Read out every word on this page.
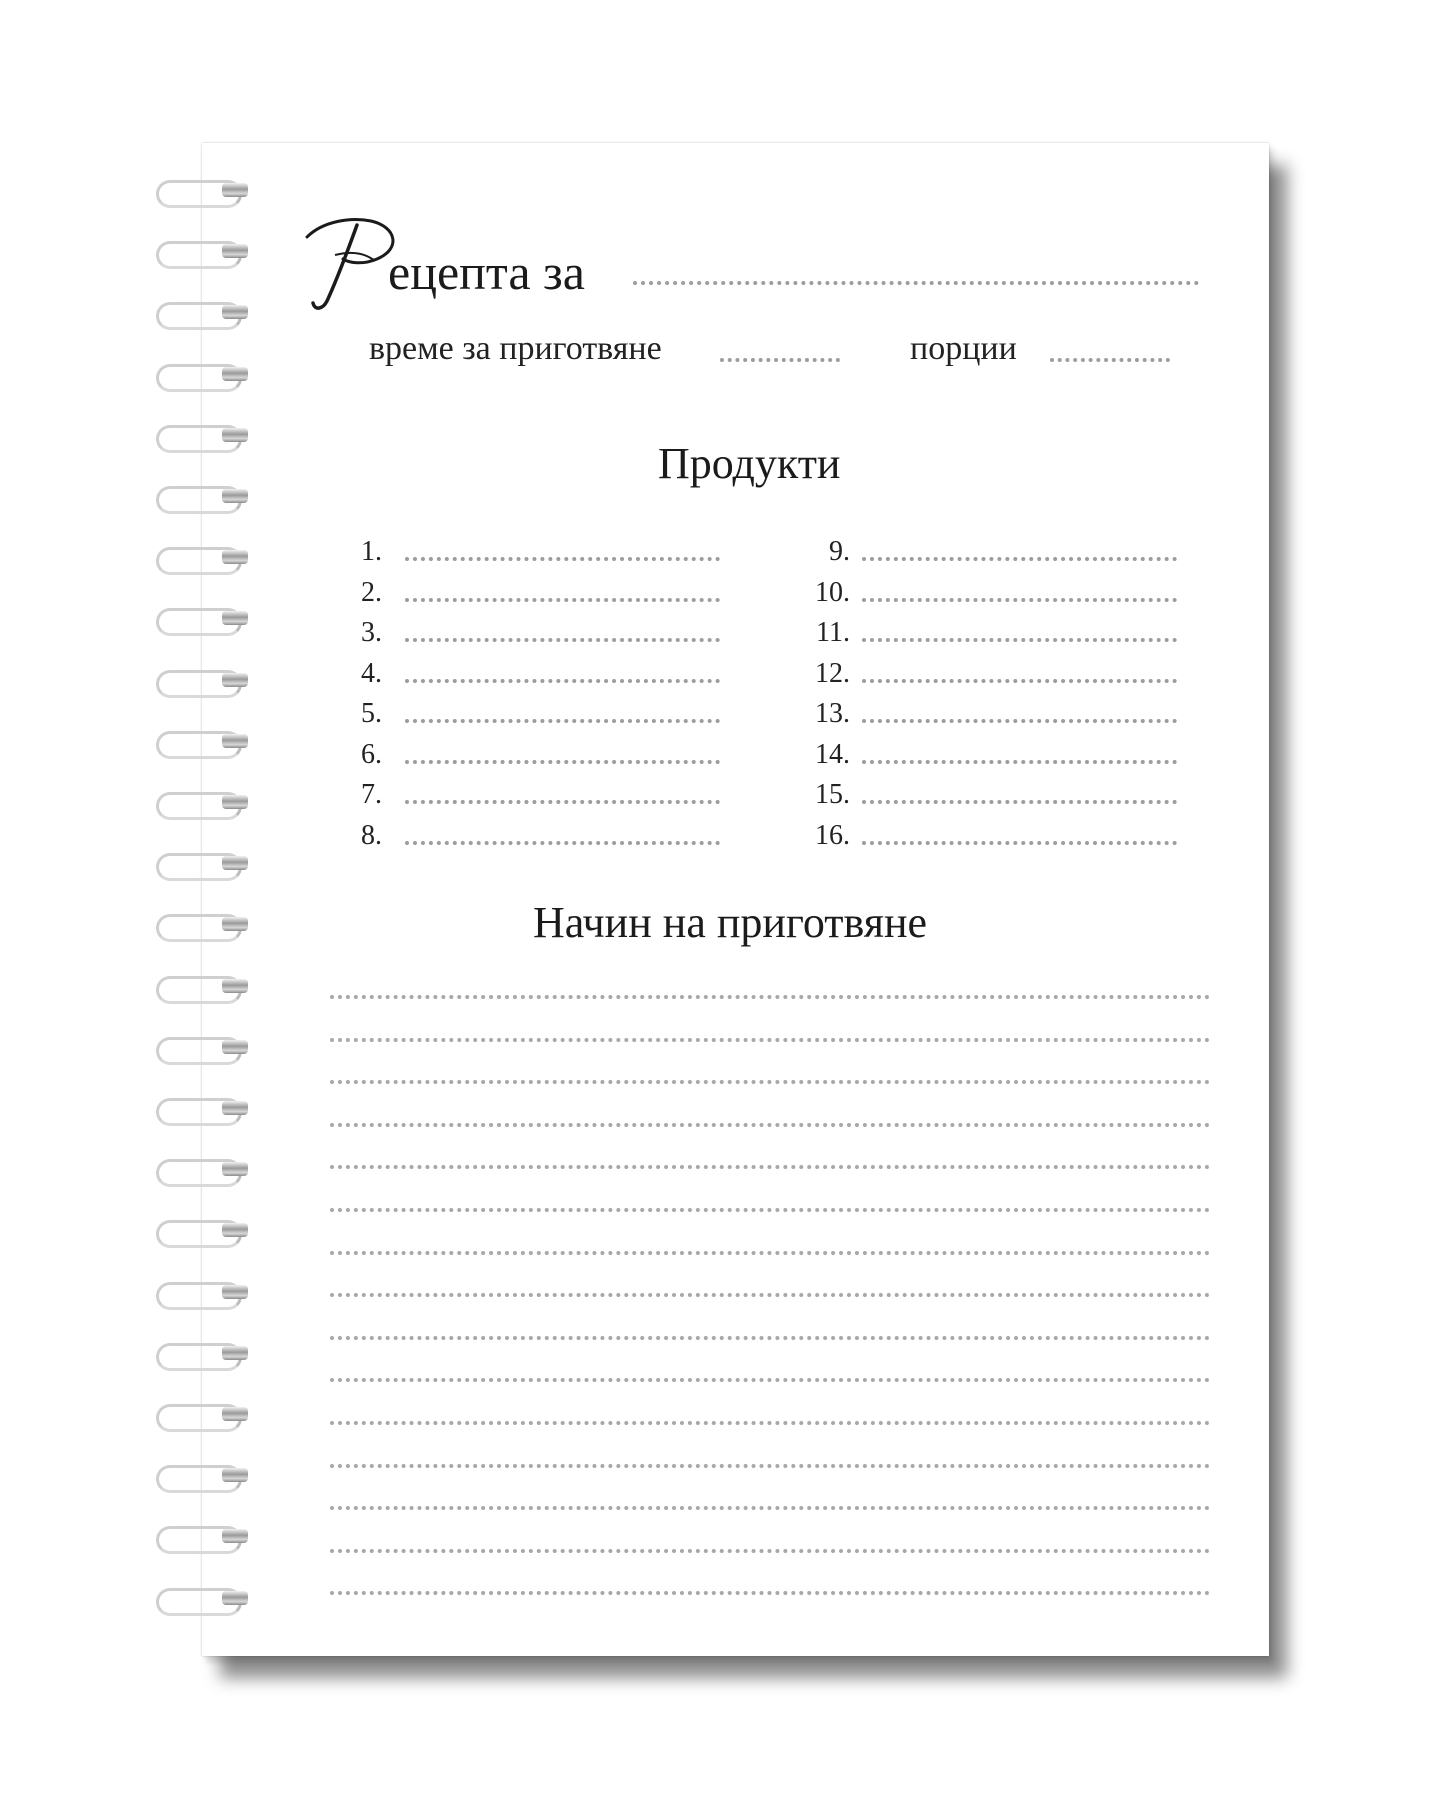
ецепта за
време за приготвяне	порции
Продукти
1.
2.
3.
4.
5.
6.
7.
8.
9.
10.
11.
12.
13.
14.
15.
16.
Начин на приготвяне
